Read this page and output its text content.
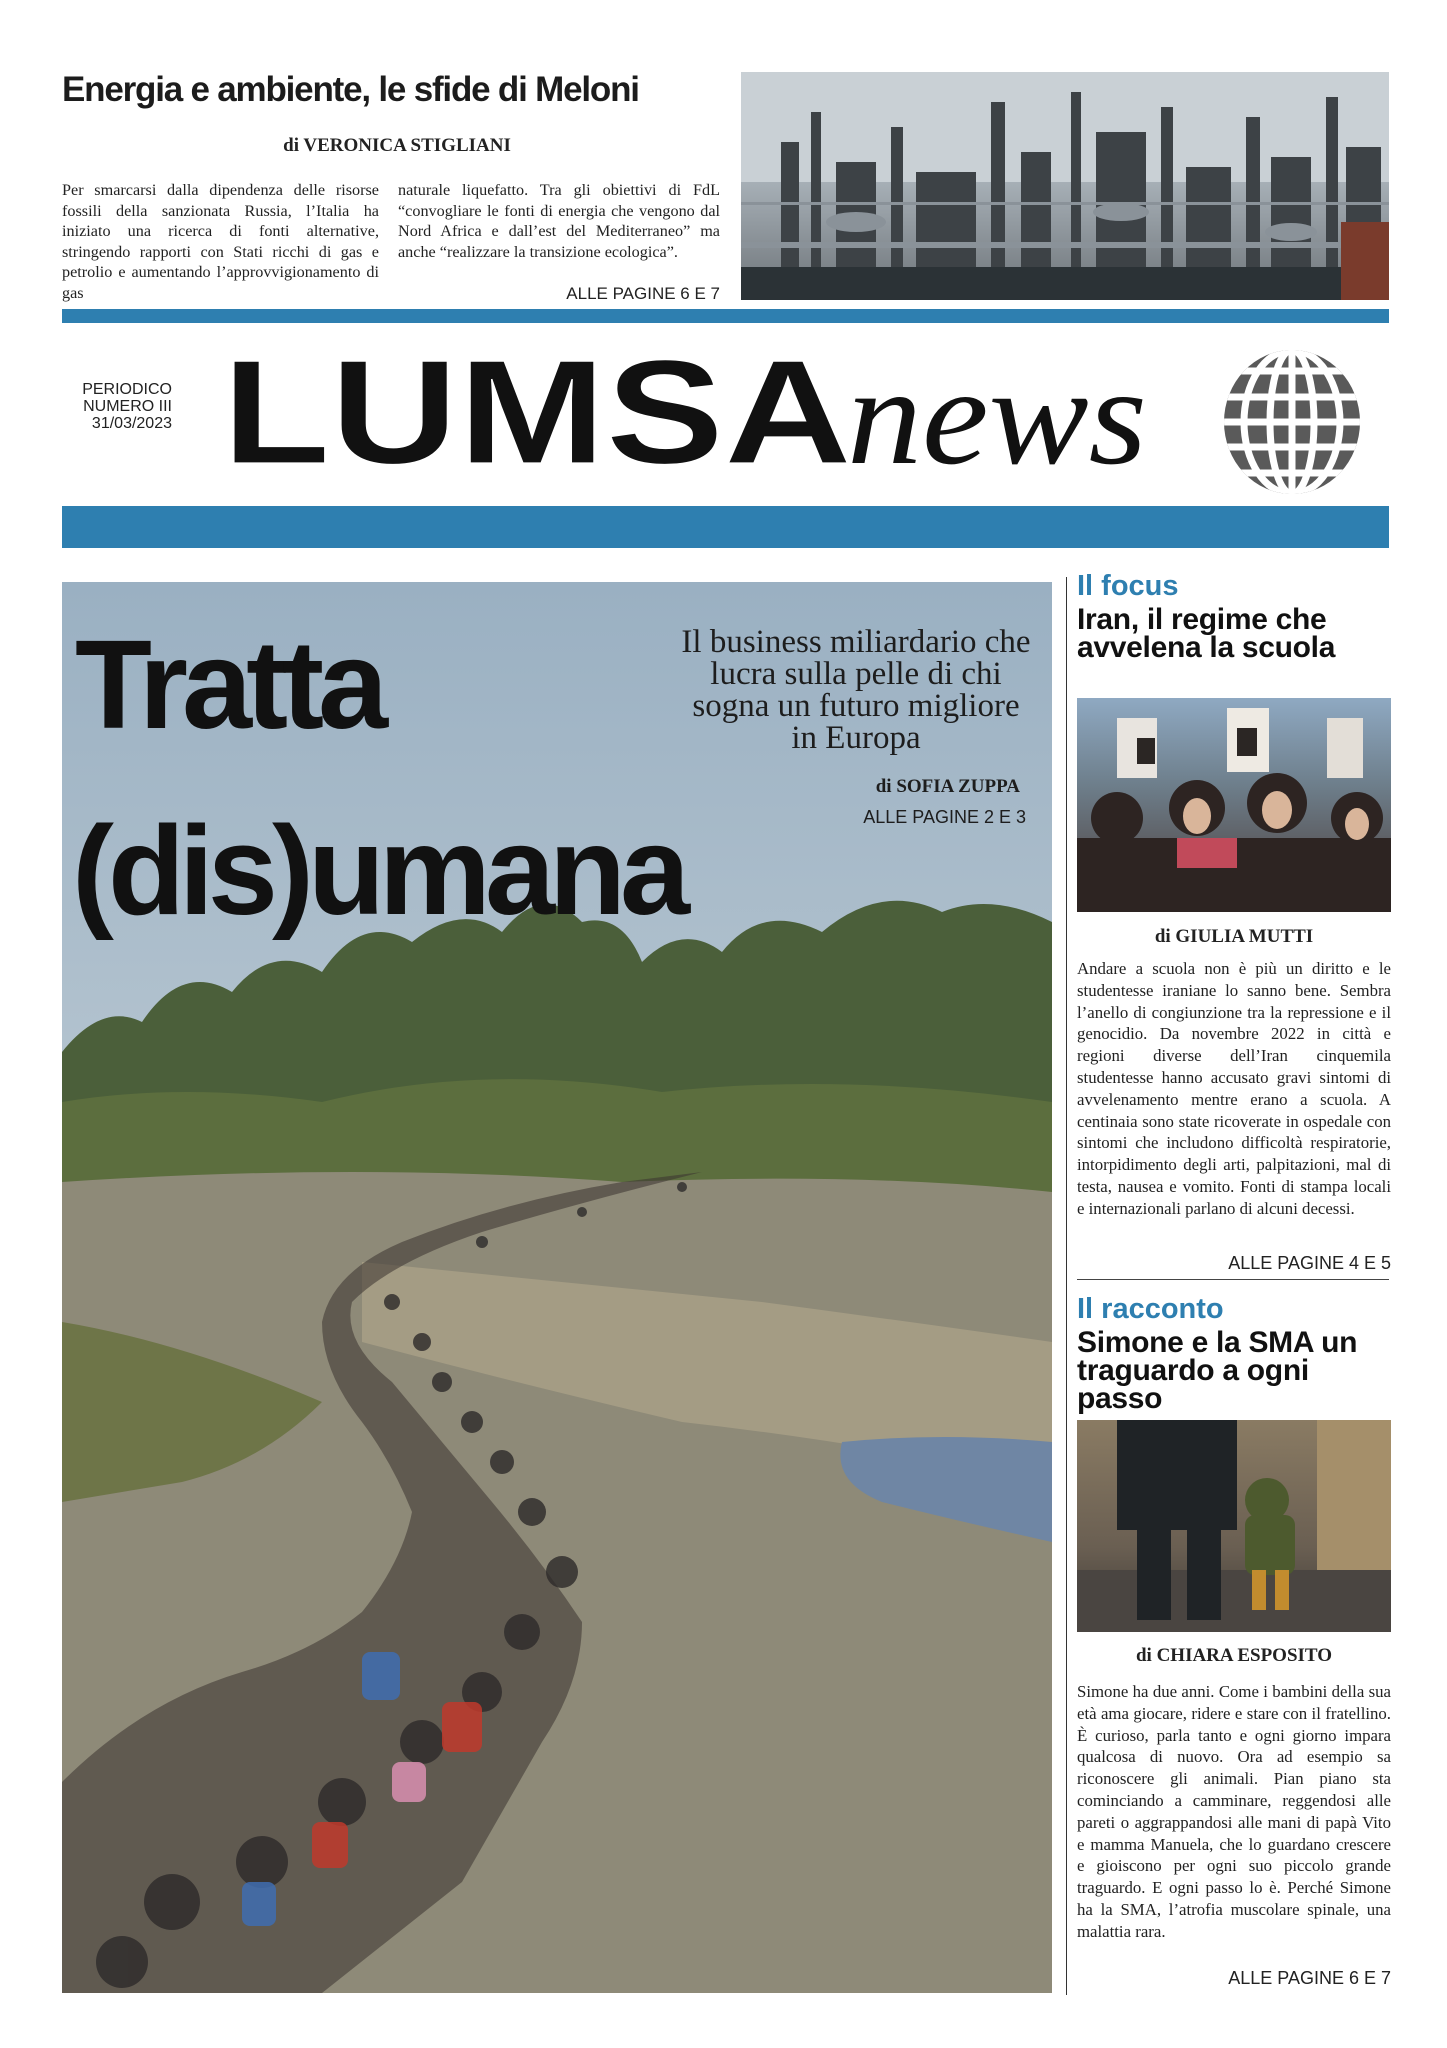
Energia e ambiente, le sfide di Meloni
di VERONICA STIGLIANI
Per smarcarsi dalla dipendenza delle risorse fossili della sanzionata Russia, l’Italia ha iniziato una ricerca di fonti alternative, stringendo rapporti con Stati ricchi di gas e petrolio e aumentando l’approvvigionamento di gas
naturale liquefatto. Tra gli obiettivi di FdL “convogliare le fonti di energia che vengono dal Nord Africa e dall’est del Mediterraneo” ma anche “realizzare la transizione ecologica”.
ALLE PAGINE 6 E 7
PERIODICO
NUMERO III
31/03/2023 LUMSA
news
Tratta
(dis)umana
Il business miliardario che lucra sulla pelle di chi sogna un futuro migliore in Europa
di SOFIA ZUPPA
ALLE PAGINE 2 E 3
Il focus
Iran, il regime che avvelena la scuola
di GIULIA MUTTI
Andare a scuola non è più un diritto e le studentesse iraniane lo sanno bene. Sembra l’anello di congiunzione tra la repressione e il genocidio. Da novembre 2022 in città e regioni diverse dell’Iran cinquemila studentesse hanno accusato gravi sintomi di avvelenamento mentre erano a scuola. A centinaia sono state ricoverate in ospedale con sintomi che includono difficoltà respiratorie, intorpidimento degli arti, palpitazioni, mal di testa, nausea e vomito. Fonti di stampa locali e internazionali parlano di alcuni decessi.
ALLE PAGINE 4 E 5
Il racconto
Simone e la SMA un traguardo a ogni passo
di CHIARA ESPOSITO
Simone ha due anni. Come i bambini della sua età ama giocare, ridere e stare con il fratellino. È curioso, parla tanto e ogni giorno impara qualcosa di nuovo. Ora ad esempio sa riconoscere gli animali. Pian piano sta cominciando a camminare, reggendosi alle pareti o aggrappandosi alle mani di papà Vito e mamma Manuela, che lo guardano crescere e gioiscono per ogni suo piccolo grande traguardo. E ogni passo lo è. Perché Simone ha la SMA, l’atrofia muscolare spinale, una malattia rara.
ALLE PAGINE 6 E 7
